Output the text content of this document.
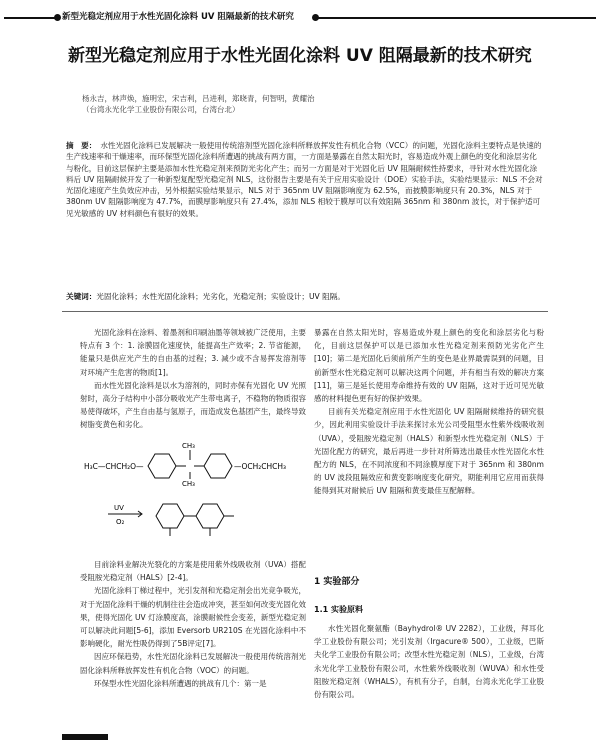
新型光稳定剂应用于水性光固化涂料 UV 阻隔最新的技术研究
新型光稳定剂应用于水性光固化涂料 UV 阻隔最新的技术研究
杨永吉，林声焕，施明宏，宋吉利，吕进利，郑晓青，何智明，黄耀治
（台湾永光化学工业股份有限公司，台湾台北）
摘　要： 水性光固化涂料已发展解决一般使用传统溶剂型光固化涂料所释放挥发性有机化合物（VCC）的问题，光固化涂料主要特点是快速的生产线速率和干燥速率，而环保型光固化涂料所遭遇的挑战有两方面，一方面是暴露在自然太阳光时，容易造成外观上颜色的变化和涂层劣化与粉化，目前这层保护主要是添加水性光稳定剂来预防光劣化产生；而另一方面是对于光固化后 UV 阻隔耐候性持要求，寻针对水性光固化涂料后 UV 阻隔耐候开发了一种新型复配型光稳定剂 NLS，这份报告主要是有关于应用实验设计（DOE）实验手法，实验结果显示：NLS 不会对光固化速度产生负效应冲击，另外根据实验结果显示，NLS 对于 365nm UV 阻隔影响度为 62.5%，而披膜影响度只有 20.3%，NLS 对于 380nm UV 阻隔影响度为 47.7%，而膜厚影响度只有 27.4%，添加 NLS 相较于膜厚可以有效阻隔 365nm 和 380nm 波长，对于保护适可见光敏感的 UV 材料颜色有很好的效果。
关键词：光固化涂料；水性光固化涂料；光劣化，光稳定剂；实验设计；UV 阻隔。

光固化涂料在涂料、着墨剂和印刷油墨等领域被广泛使用，主要特点有 3 个：1. 涂膜固化速度快，能提高生产效率；2. 节省能源，能量只是供应光产生的自由基的过程；3. 减少或不含易挥发溶剂等对环境产生危害的物质[1]。

而水性光固化涂料是以水为溶剂的，同时亦保有光固化 UV 光照射时，高分子结构中小部分吸收光产生带电离子，不稳物的物质很容易使得破坏，产生自由基与氢原子，而造成发色基团产生，最终导致树脂变黄色和劣化。

H₃C—CHCH₂O—
CH₃
CH₃
—OCH₂CHCH₃
UV
O₂

目前涂料业解决光裂化的方案是使用紫外线吸收剂（UVA）搭配受阻胺光稳定剂（HALS）[2-4]。

光固化涂料丁梯过程中，光引发剂和光稳定剂会出光竞争吸光，对于光固化涂料干燥的机制往往会造成冲突，甚至如何改变光固化效果，使得光固化 UV 灯涂膜度高，涂膜耐候性会变差，新型光稳定剂可以解决此问题[5-6]，添加 Eversorb UR210S 在光固化涂料中不影响硬化，耐光性吸仍得到了5B评定[7]。

因应环保趋势，水性光固化涂料已发展解决一般使用传统溶剂光固化涂料所释放挥发性有机化合物（VOC）的问题。

环保型水性光固化涂料所遭遇的挑战有几个：第一是

暴露在自然太阳光时，容易造成外观上颜色的变化和涂层劣化与粉化，目前这层保护可以是已添加水性光稳定剂来预防光劣化产生[10]；第二是光固化后须前所产生的变色是业界最需误到的问题，目前新型水性光稳定剂可以解决这两个问题，并有相当有效的解决方案[11]，第三是延长使用寿命维持有效的 UV 阻隔，这对于近可见光敏感的材料提色更有好的保护效果。

目前有关光稳定剂应用于水性光固化 UV 阻隔耐候维持的研究很少，因此利用实验设计手法来探讨永光公司受阻型水性紫外线吸收剂（UVA），受阻胺光稳定剂（HALS）和新型水性光稳定剂（NLS）于光固化配方的研究，最后再进一步针对所筛选出最佳水性光固化水性配方的 NLS，在不同浓度和不同涂膜厚度下对于 365nm 和 380nm 的 UV 波段阻隔效应和黄变影响度变化研究，期能利用它应用而获得能得到其对耐候后 UV 阻隔和黄变最佳互配解释。

1 实验部分
1.1 实验原料

水性光固化聚氨酯（Bayhydrol® UV 2282），工业级，拜耳化学工业股份有限公司；光引发剂（Irgacure® 500），工业级，巴斯夫化学工业股份有限公司；改型水性光稳定剂（NLS），工业级，台湾永光化学工业股份有限公司，水性紫外线吸收剂（WUVA）和水性受阻胺光稳定剂（WHALS），有机有分子，自制，台湾永光化学工业股份有限公司。
